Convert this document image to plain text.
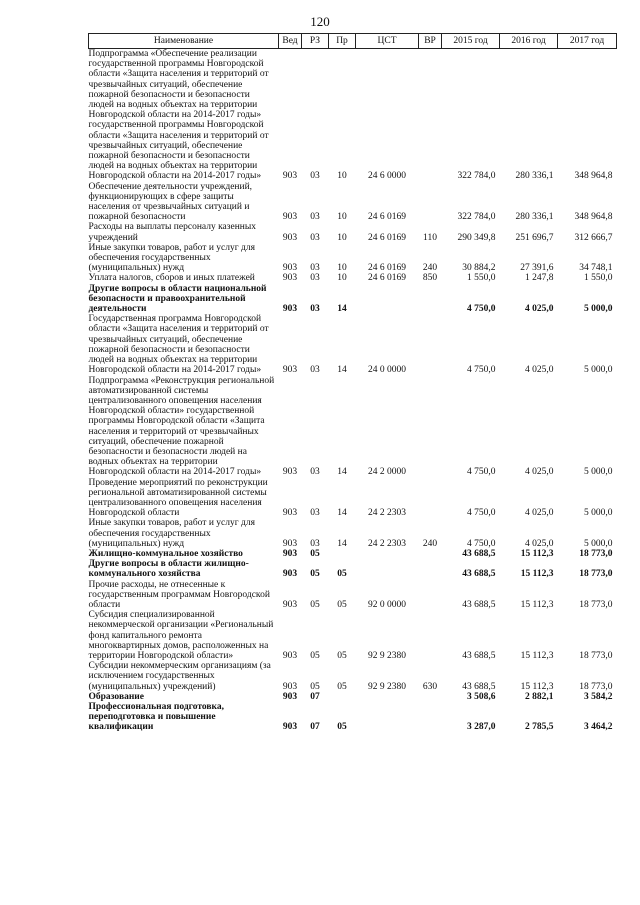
120
Наименование	Вед	РЗ	Пр	ЦСТ	ВР	2015 год	2016 год	2017 год
Подпрограмма «Обеспечение реализации государственной программы Новгородской области «Защита населения и территорий от чрезвычайных ситуаций, обеспечение пожарной безопасности и безопасности людей на водных объектах на территории Новгородской области на 2014-2017 годы» государственной программы Новгородской области «Защита населения и территорий от чрезвычайных ситуаций, обеспечение пожарной безопасности и безопасности людей на водных объектах на территории Новгородской области на 2014-2017 годы»	903	03	10	24 6 0000		322 784,0	280 336,1	348 964,8
Обеспечение деятельности учреждений, функционирующих в сфере защиты населения от чрезвычайных ситуаций и пожарной безопасности	903	03	10	24 6 0169		322 784,0	280 336,1	348 964,8
Расходы на выплаты персоналу казенных учреждений	903	03	10	24 6 0169	110	290 349,8	251 696,7	312 666,7
Иные закупки товаров, работ и услуг для обеспечения государственных (муниципальных) нужд	903	03	10	24 6 0169	240	30 884,2	27 391,6	34 748,1
Уплата налогов, сборов и иных платежей	903	03	10	24 6 0169	850	1 550,0	1 247,8	1 550,0
Другие вопросы в области национальной безопасности и правоохранительной деятельности	903	03	14			4 750,0	4 025,0	5 000,0
Государственная программа Новгородской области «Защита населения и территорий от чрезвычайных ситуаций, обеспечение пожарной безопасности и безопасности людей на водных объектах на территории Новгородской области на 2014-2017 годы»	903	03	14	24 0 0000		4 750,0	4 025,0	5 000,0
Подпрограмма «Реконструкция региональной автоматизированной системы централизованного оповещения населения Новгородской области» государственной программы Новгородской области «Защита населения и территорий от чрезвычайных ситуаций, обеспечение пожарной безопасности и безопасности людей на водных объектах на территории Новгородской области на 2014-2017 годы»	903	03	14	24 2 0000		4 750,0	4 025,0	5 000,0
Проведение мероприятий по реконструкции региональной автоматизированной системы централизованного оповещения населения Новгородской области	903	03	14	24 2 2303		4 750,0	4 025,0	5 000,0
Иные закупки товаров, работ и услуг для обеспечения государственных (муниципальных) нужд	903	03	14	24 2 2303	240	4 750,0	4 025,0	5 000,0
Жилищно-коммунальное хозяйство	903	05				43 688,5	15 112,3	18 773,0
Другие вопросы в области жилищно-коммунального хозяйства	903	05	05			43 688,5	15 112,3	18 773,0
Прочие расходы, не отнесенные к государственным программам Новгородской области	903	05	05	92 0 0000		43 688,5	15 112,3	18 773,0
Субсидия специализированной некоммерческой организации «Региональный фонд капитального ремонта многоквартирных домов, расположенных на территории Новгородской области»	903	05	05	92 9 2380		43 688,5	15 112,3	18 773,0
Субсидии некоммерческим организациям (за исключением государственных (муниципальных) учреждений)	903	05	05	92 9 2380	630	43 688,5	15 112,3	18 773,0
Образование	903	07				3 508,6	2 882,1	3 584,2
Профессиональная подготовка, переподготовка и повышение квалификации	903	07	05			3 287,0	2 785,5	3 464,2
